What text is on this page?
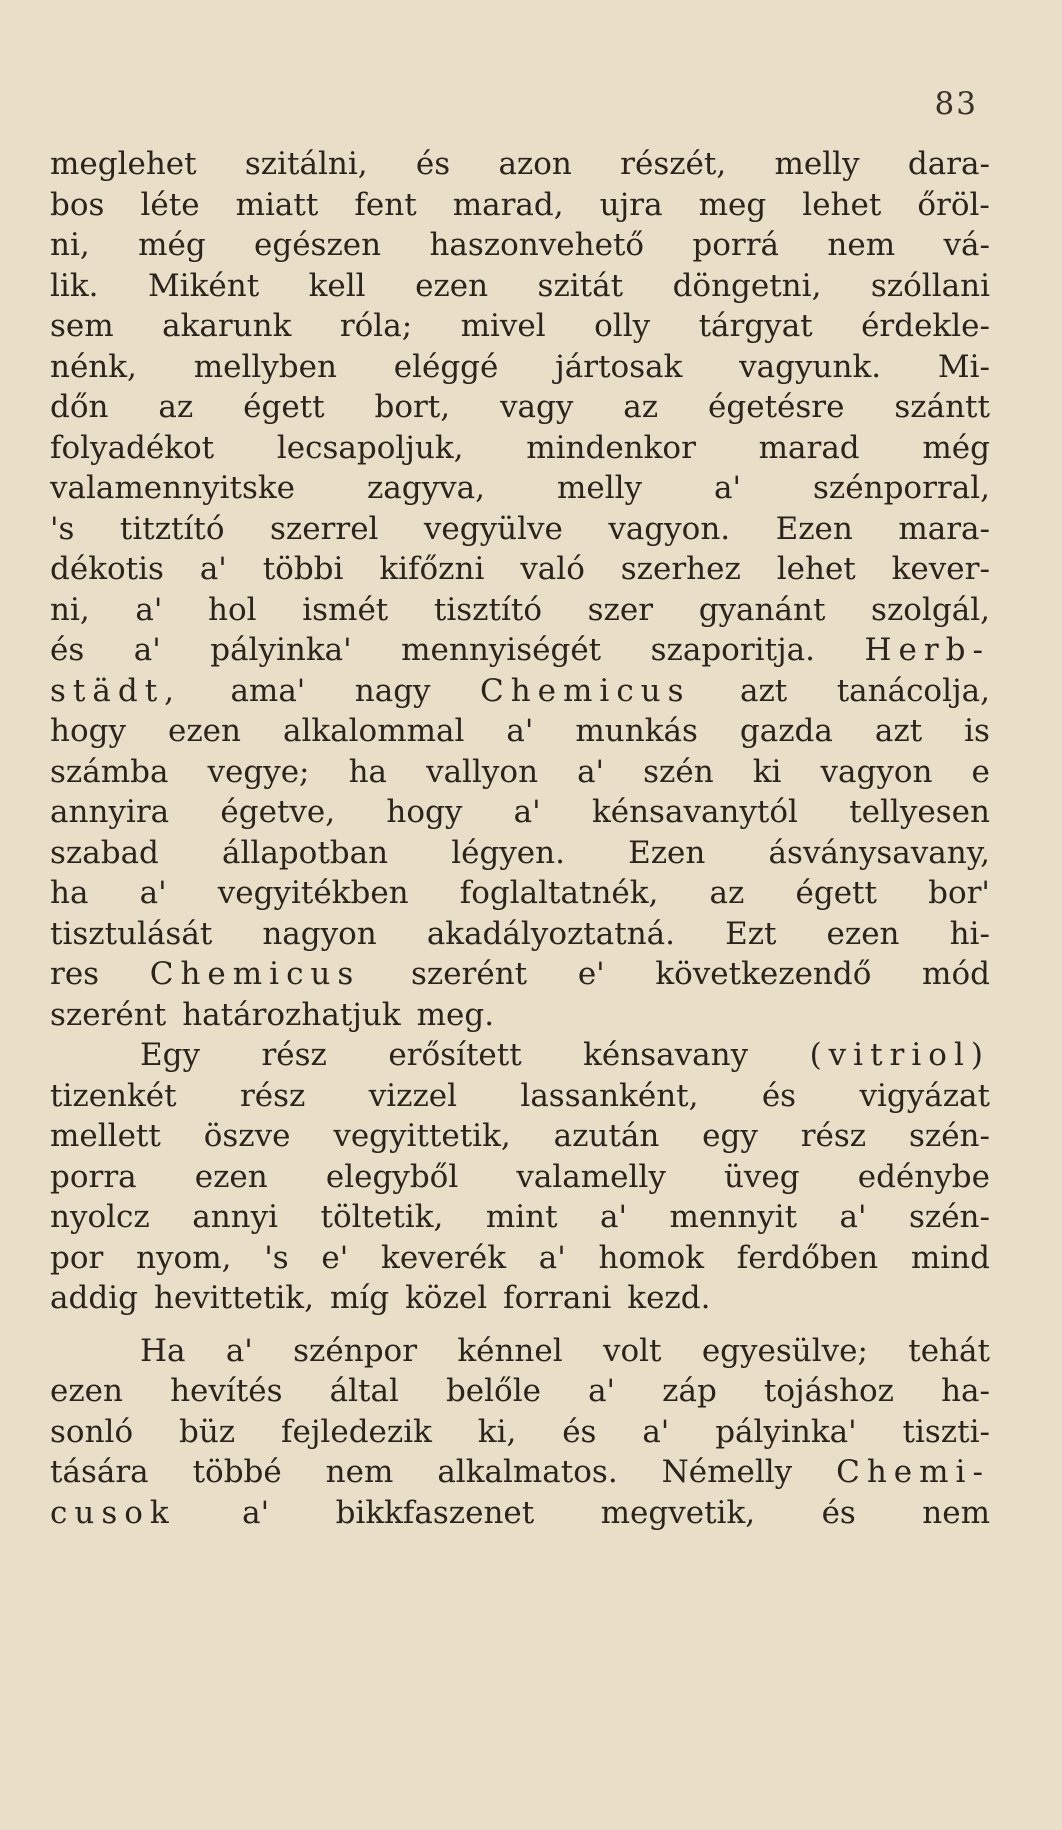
83

meglehet szitálni, és azon részét, melly dara-

bos léte miatt fent marad, ujra meg lehet őröl-

ni, még egészen haszonvehető porrá nem vá-

lik. Miként kell ezen szitát döngetni, szóllani

sem akarunk róla; mivel olly tárgyat érdekle-

nénk, mellyben eléggé jártosak vagyunk. Mi-

dőn az égett bort, vagy az égetésre szántt

folyadékot lecsapoljuk, mindenkor marad még

valamennyitske zagyva, melly a' szénporral,

's titztító szerrel vegyülve vagyon. Ezen mara-

dékotis a' többi kifőzni való szerhez lehet kever-

ni, a' hol ismét tisztító szer gyanánt szolgál,

és a' pályinka' mennyiségét szaporitja. Herb-

städt, ama' nagy Chemicus azt tanácolja,

hogy ezen alkalommal a' munkás gazda azt is

számba vegye; ha vallyon a' szén ki vagyon e

annyira égetve, hogy a' kénsavanytól tellyesen

szabad állapotban légyen. Ezen ásványsavany,

ha a' vegyitékben foglaltatnék, az égett bor'

tisztulását nagyon akadályoztatná. Ezt ezen hi-

res Chemicus szerént e' következendő mód

szerént határozhatjuk meg.

Egy rész erősített kénsavany (vitriol)

tizenkét rész vizzel lassanként, és vigyázat

mellett öszve vegyittetik, azután egy rész szén-

porra ezen elegyből valamelly üveg edénybe

nyolcz annyi töltetik, mint a' mennyit a' szén-

por nyom, 's e' keverék a' homok ferdőben mind

addig hevittetik, míg közel forrani kezd.

Ha a' szénpor kénnel volt egyesülve; tehát

ezen hevítés által belőle a' záp tojáshoz ha-

sonló büz fejledezik ki, és a' pályinka' tiszti-

tására többé nem alkalmatos. Némelly Chemi-

cusok a' bikkfaszenet megvetik, és nem
